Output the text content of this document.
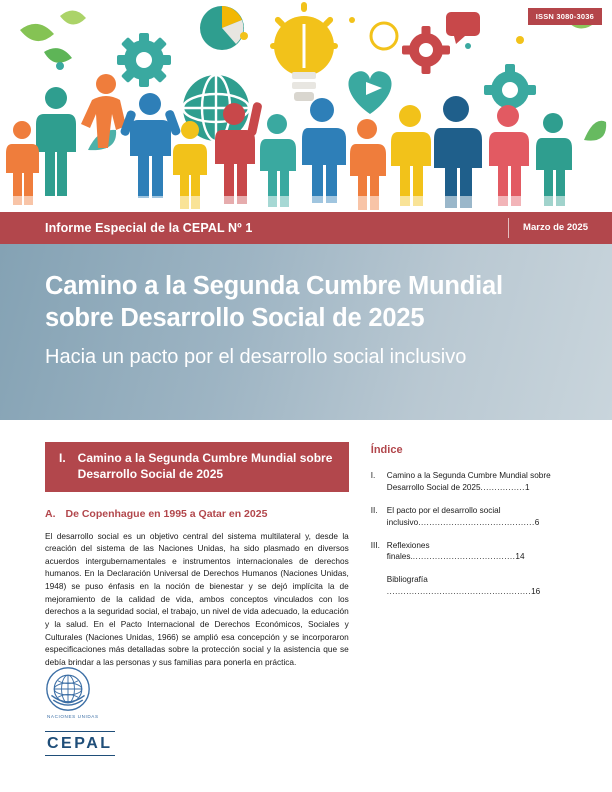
ISSN 3080-3036
Informe Especial de la CEPAL Nº 1	Marzo de 2025
Camino a la Segunda Cumbre Mundial sobre Desarrollo Social de 2025
Hacia un pacto por el desarrollo social inclusivo
I. Camino a la Segunda Cumbre Mundial sobre Desarrollo Social de 2025
A. De Copenhague en 1995 a Qatar en 2025

El desarrollo social es un objetivo central del sistema multilateral y, desde la creación del sistema de las Naciones Unidas, ha sido plasmado en diversos acuerdos intergubernamentales e instrumentos internacionales de derechos humanos. En la Declaración Universal de Derechos Humanos (Naciones Unidas, 1948) se puso énfasis en la noción de bienestar y se dejó implícita la de mejoramiento de la calidad de vida, ambos conceptos vinculados con los derechos a la seguridad social, el trabajo, un nivel de vida adecuado, la educación y la salud. En el Pacto Internacional de Derechos Económicos, Sociales y Culturales (Naciones Unidas, 1966) se amplió esa concepción y se incorporaron especificaciones más detalladas sobre la protección social y la asistencia que se debía brindar a las personas y sus familias para ponerla en práctica.

Índice
I.	Camino a la Segunda Cumbre Mundial sobre Desarrollo Social de 2025................1
II.	El pacto por el desarrollo social inclusivo..........................................6
III. Reflexiones finales......................................14
Bibliografía ....................................................16
NACIONES UNIDAS
CEPAL
